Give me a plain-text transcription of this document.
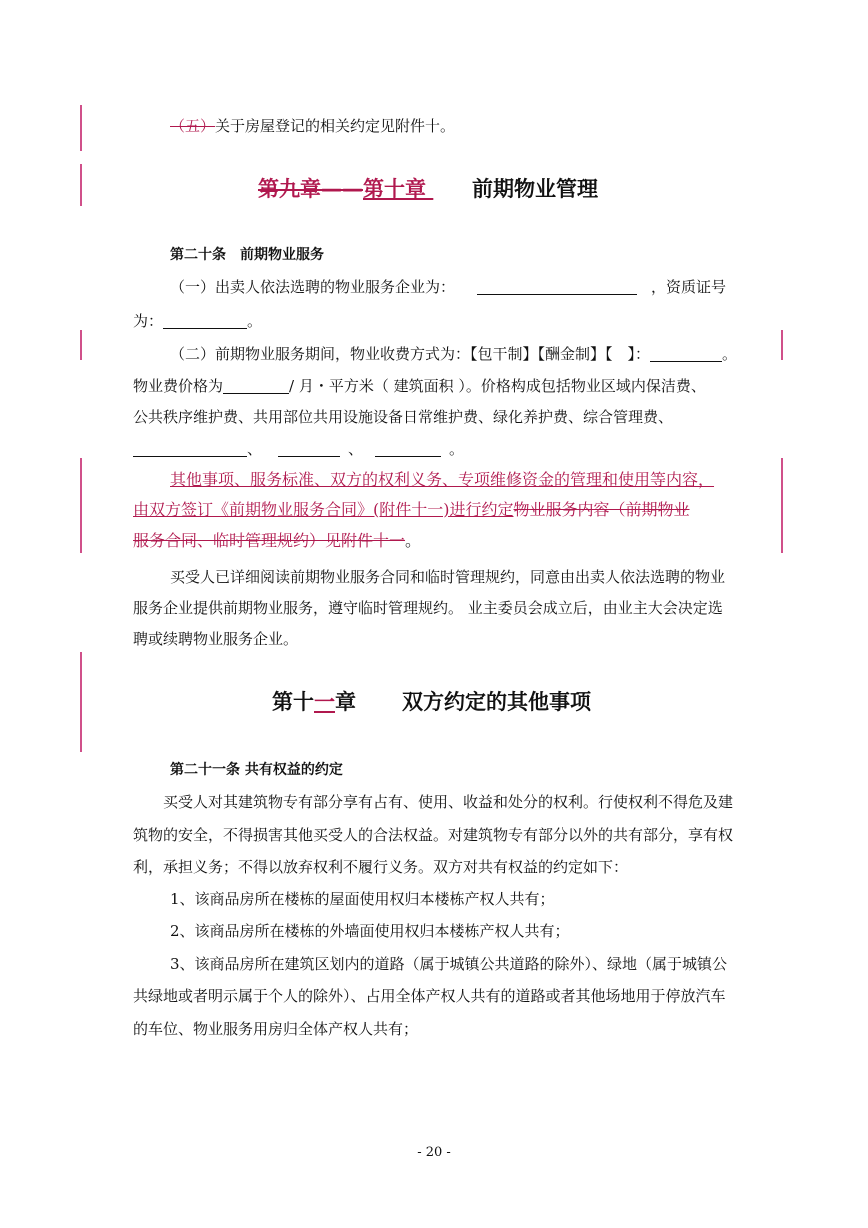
（五）关于房屋登记的相关约定见附件十。
第九章——第十章 前期物业管理
第二十条　前期物业服务
（一）出卖人依法选聘的物业服务企业为：	，资质证号
为：	。
（二）前期物业服务期间，物业收费方式为：【包干制】【酬金制】【　】：	。
物业费价格为	/ 月・平方米（ 建筑面积 ）。价格构成包括物业区域内保洁费、
公共秩序维护费、共用部位共用设施设备日常维护费、绿化养护费、综合管理费、
、	、	。
其他事项、服务标准、双方的权利义务、专项维修资金的管理和使用等内容，
由双方签订《前期物业服务合同》(附件十一)进行约定物业服务内容（前期物业
服务合同、临时管理规约）见附件十一。
买受人已详细阅读前期物业服务合同和临时管理规约，同意由出卖人依法选聘的物业
服务企业提供前期物业服务，遵守临时管理规约。 业主委员会成立后，由业主大会决定选
聘或续聘物业服务企业。
第十一章 双方约定的其他事项
第二十一条 共有权益的约定
买受人对其建筑物专有部分享有占有、使用、收益和处分的权利。行使权利不得危及建
筑物的安全，不得损害其他买受人的合法权益。对建筑物专有部分以外的共有部分，享有权
利，承担义务；不得以放弃权利不履行义务。双方对共有权益的约定如下：
1、该商品房所在楼栋的屋面使用权归本楼栋产权人共有；
2、该商品房所在楼栋的外墙面使用权归本楼栋产权人共有；
3、该商品房所在建筑区划内的道路（属于城镇公共道路的除外）、绿地（属于城镇公
共绿地或者明示属于个人的除外）、占用全体产权人共有的道路或者其他场地用于停放汽车
的车位、物业服务用房归全体产权人共有；
- 20 -
